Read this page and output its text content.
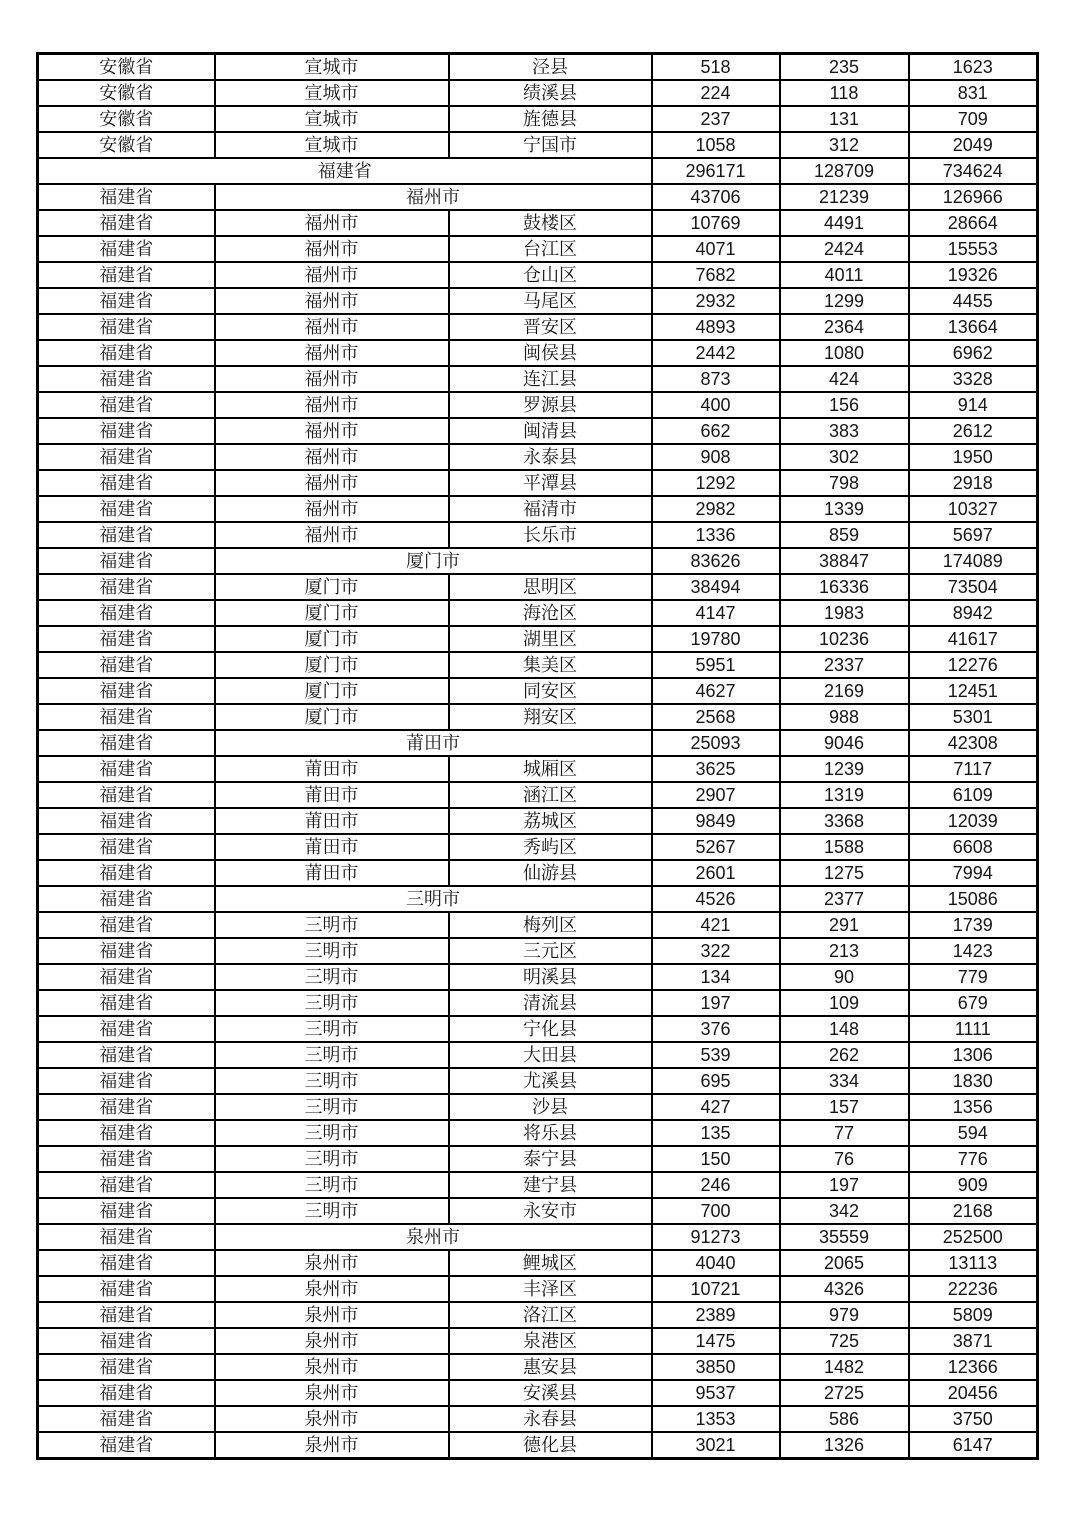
安徽省	宣城市	泾县	518	235	1623
安徽省	宣城市	绩溪县	224	118	831
安徽省	宣城市	旌德县	237	131	709
安徽省	宣城市	宁国市	1058	312	2049
福建省			296171	128709	734624
福建省	福州市		43706	21239	126966
福建省	福州市	鼓楼区	10769	4491	28664
福建省	福州市	台江区	4071	2424	15553
福建省	福州市	仓山区	7682	4011	19326
福建省	福州市	马尾区	2932	1299	4455
福建省	福州市	晋安区	4893	2364	13664
福建省	福州市	闽侯县	2442	1080	6962
福建省	福州市	连江县	873	424	3328
福建省	福州市	罗源县	400	156	914
福建省	福州市	闽清县	662	383	2612
福建省	福州市	永泰县	908	302	1950
福建省	福州市	平潭县	1292	798	2918
福建省	福州市	福清市	2982	1339	10327
福建省	福州市	长乐市	1336	859	5697
福建省	厦门市		83626	38847	174089
福建省	厦门市	思明区	38494	16336	73504
福建省	厦门市	海沧区	4147	1983	8942
福建省	厦门市	湖里区	19780	10236	41617
福建省	厦门市	集美区	5951	2337	12276
福建省	厦门市	同安区	4627	2169	12451
福建省	厦门市	翔安区	2568	988	5301
福建省	莆田市		25093	9046	42308
福建省	莆田市	城厢区	3625	1239	7117
福建省	莆田市	涵江区	2907	1319	6109
福建省	莆田市	荔城区	9849	3368	12039
福建省	莆田市	秀屿区	5267	1588	6608
福建省	莆田市	仙游县	2601	1275	7994
福建省	三明市		4526	2377	15086
福建省	三明市	梅列区	421	291	1739
福建省	三明市	三元区	322	213	1423
福建省	三明市	明溪县	134	90	779
福建省	三明市	清流县	197	109	679
福建省	三明市	宁化县	376	148	1111
福建省	三明市	大田县	539	262	1306
福建省	三明市	尤溪县	695	334	1830
福建省	三明市	沙县	427	157	1356
福建省	三明市	将乐县	135	77	594
福建省	三明市	泰宁县	150	76	776
福建省	三明市	建宁县	246	197	909
福建省	三明市	永安市	700	342	2168
福建省	泉州市		91273	35559	252500
福建省	泉州市	鲤城区	4040	2065	13113
福建省	泉州市	丰泽区	10721	4326	22236
福建省	泉州市	洛江区	2389	979	5809
福建省	泉州市	泉港区	1475	725	3871
福建省	泉州市	惠安县	3850	1482	12366
福建省	泉州市	安溪县	9537	2725	20456
福建省	泉州市	永春县	1353	586	3750
福建省	泉州市	德化县	3021	1326	6147
